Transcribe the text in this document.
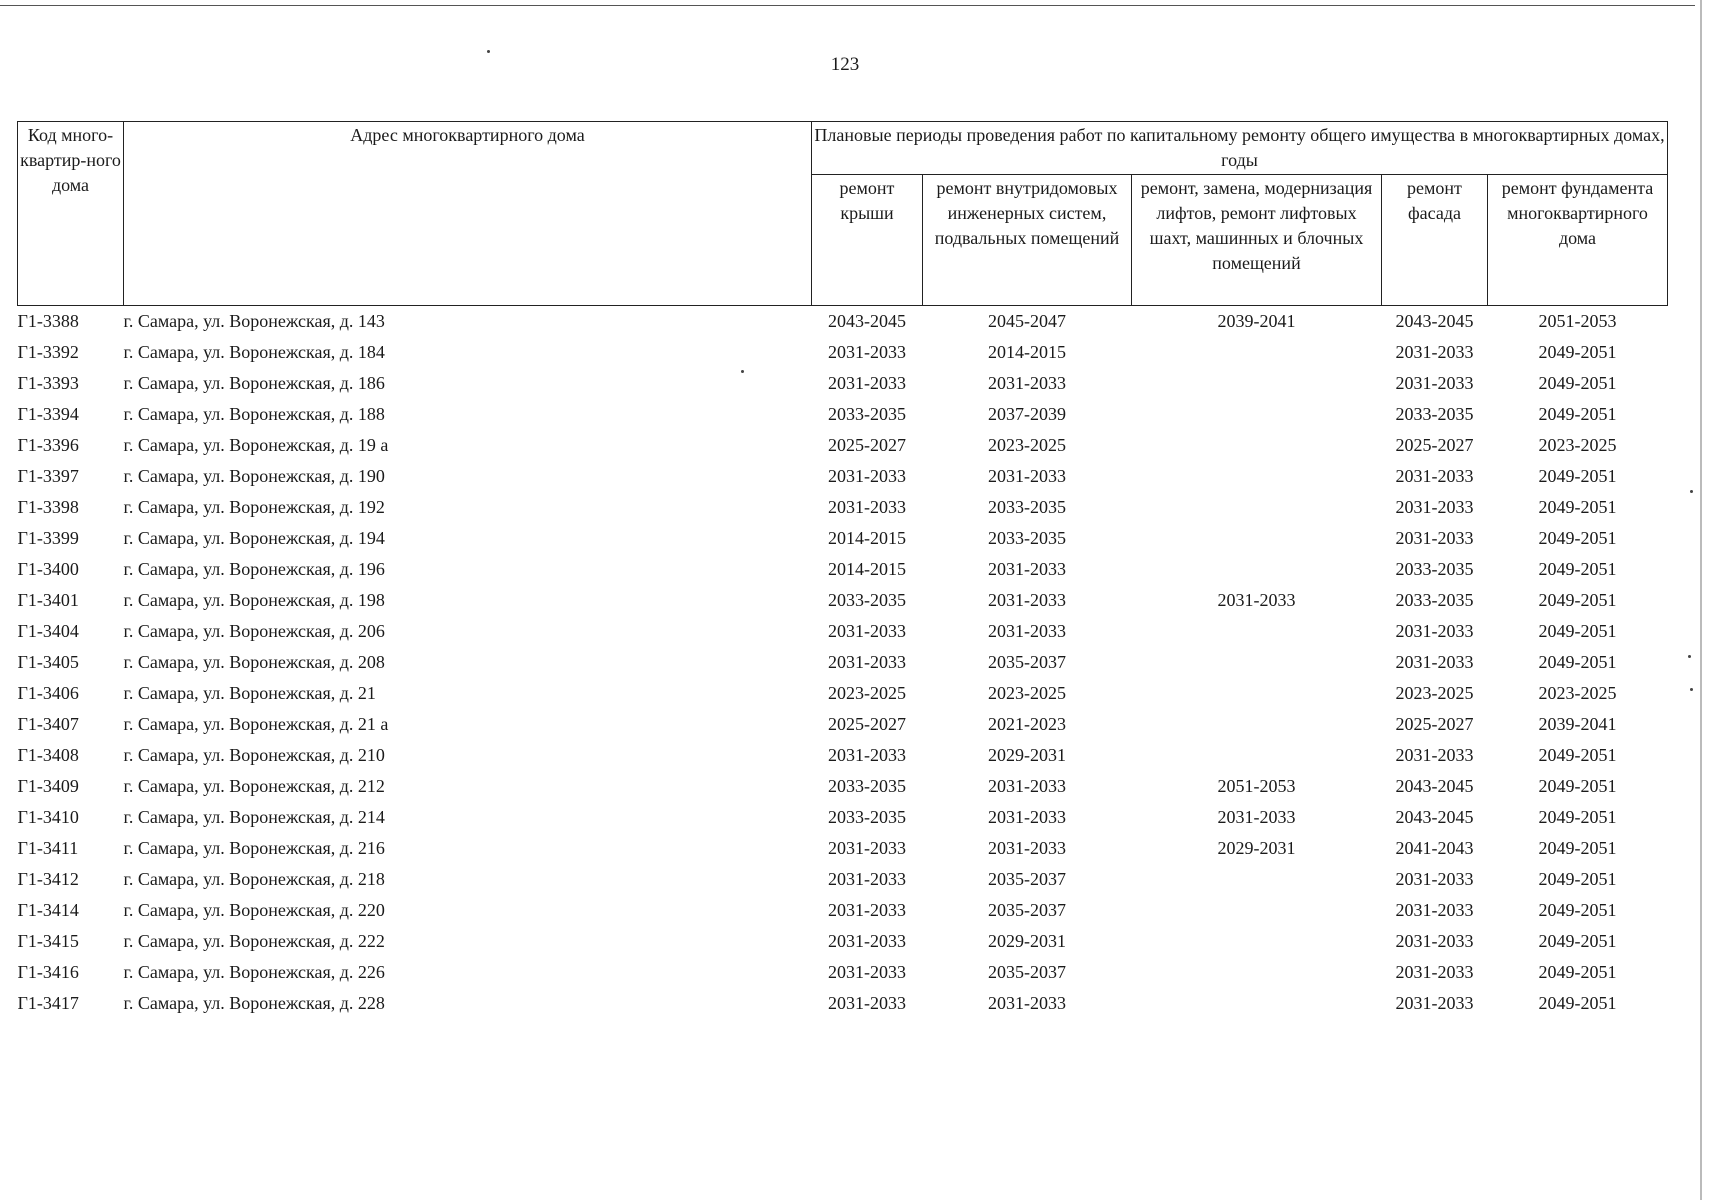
123
Код много-квартир-ного дома	Адрес многоквартирного дома	Плановые периоды проведения работ по капитальному ремонту общего имущества в многоквартирных домах, годы				
		ремонт крыши	ремонт внутридомовых инженерных систем, подвальных помещений	ремонт, замена, модернизация лифтов, ремонт лифтовых шахт, машинных и блочных помещений	ремонт фасада	ремонт фундамента многоквартирного дома
Г1-3388	г. Самара, ул. Воронежская, д. 143	2043-2045	2045-2047	2039-2041	2043-2045	2051-2053
Г1-3392	г. Самара, ул. Воронежская, д. 184	2031-2033	2014-2015		2031-2033	2049-2051
Г1-3393	г. Самара, ул. Воронежская, д. 186	2031-2033	2031-2033		2031-2033	2049-2051
Г1-3394	г. Самара, ул. Воронежская, д. 188	2033-2035	2037-2039		2033-2035	2049-2051
Г1-3396	г. Самара, ул. Воронежская, д. 19 а	2025-2027	2023-2025		2025-2027	2023-2025
Г1-3397	г. Самара, ул. Воронежская, д. 190	2031-2033	2031-2033		2031-2033	2049-2051
Г1-3398	г. Самара, ул. Воронежская, д. 192	2031-2033	2033-2035		2031-2033	2049-2051
Г1-3399	г. Самара, ул. Воронежская, д. 194	2014-2015	2033-2035		2031-2033	2049-2051
Г1-3400	г. Самара, ул. Воронежская, д. 196	2014-2015	2031-2033		2033-2035	2049-2051
Г1-3401	г. Самара, ул. Воронежская, д. 198	2033-2035	2031-2033	2031-2033	2033-2035	2049-2051
Г1-3404	г. Самара, ул. Воронежская, д. 206	2031-2033	2031-2033		2031-2033	2049-2051
Г1-3405	г. Самара, ул. Воронежская, д. 208	2031-2033	2035-2037		2031-2033	2049-2051
Г1-3406	г. Самара, ул. Воронежская, д. 21	2023-2025	2023-2025		2023-2025	2023-2025
Г1-3407	г. Самара, ул. Воронежская, д. 21 а	2025-2027	2021-2023		2025-2027	2039-2041
Г1-3408	г. Самара, ул. Воронежская, д. 210	2031-2033	2029-2031		2031-2033	2049-2051
Г1-3409	г. Самара, ул. Воронежская, д. 212	2033-2035	2031-2033	2051-2053	2043-2045	2049-2051
Г1-3410	г. Самара, ул. Воронежская, д. 214	2033-2035	2031-2033	2031-2033	2043-2045	2049-2051
Г1-3411	г. Самара, ул. Воронежская, д. 216	2031-2033	2031-2033	2029-2031	2041-2043	2049-2051
Г1-3412	г. Самара, ул. Воронежская, д. 218	2031-2033	2035-2037		2031-2033	2049-2051
Г1-3414	г. Самара, ул. Воронежская, д. 220	2031-2033	2035-2037		2031-2033	2049-2051
Г1-3415	г. Самара, ул. Воронежская, д. 222	2031-2033	2029-2031		2031-2033	2049-2051
Г1-3416	г. Самара, ул. Воронежская, д. 226	2031-2033	2035-2037		2031-2033	2049-2051
Г1-3417	г. Самара, ул. Воронежская, д. 228	2031-2033	2031-2033		2031-2033	2049-2051
